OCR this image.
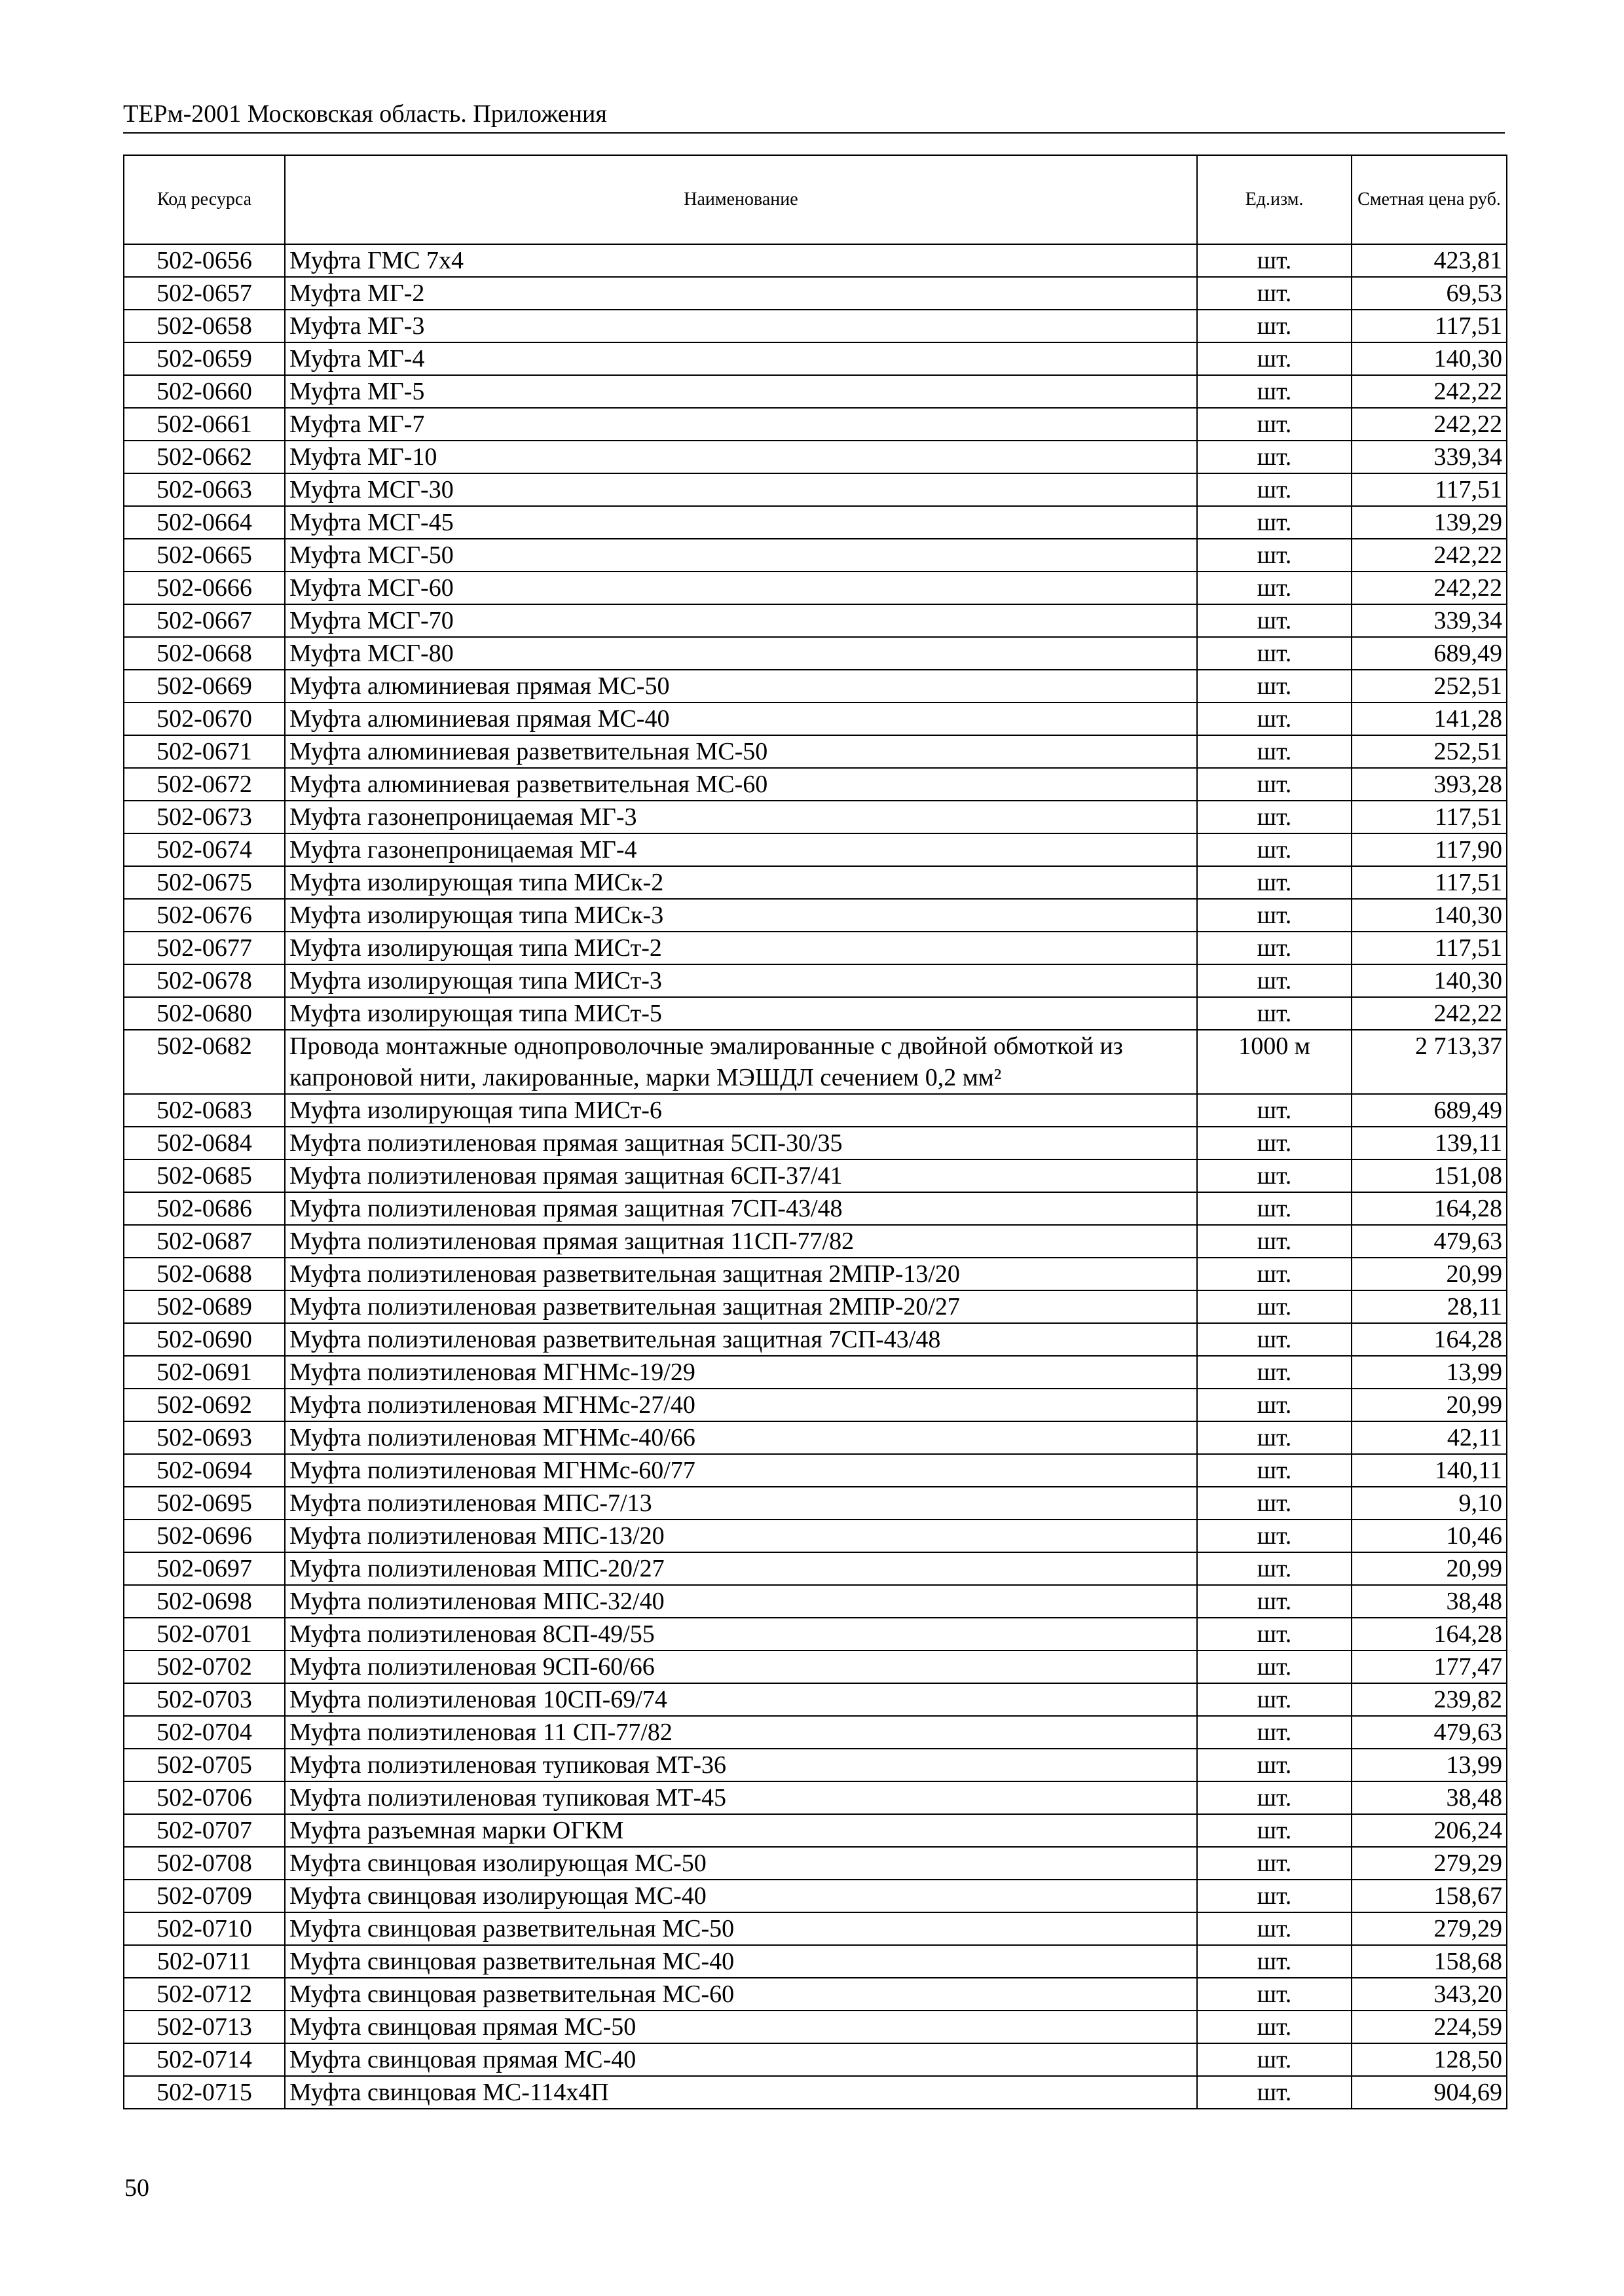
ТЕРм-2001 Московская область. Приложения
Код ресурса	Наименование	Ед.изм.	Сметная цена руб.
502-0656	Муфта ГМС 7х4	шт.	423,81
502-0657	Муфта МГ-2	шт.	69,53
502-0658	Муфта МГ-3	шт.	117,51
502-0659	Муфта МГ-4	шт.	140,30
502-0660	Муфта МГ-5	шт.	242,22
502-0661	Муфта МГ-7	шт.	242,22
502-0662	Муфта МГ-10	шт.	339,34
502-0663	Муфта МСГ-30	шт.	117,51
502-0664	Муфта МСГ-45	шт.	139,29
502-0665	Муфта МСГ-50	шт.	242,22
502-0666	Муфта МСГ-60	шт.	242,22
502-0667	Муфта МСГ-70	шт.	339,34
502-0668	Муфта МСГ-80	шт.	689,49
502-0669	Муфта алюминиевая прямая МС-50	шт.	252,51
502-0670	Муфта алюминиевая прямая МС-40	шт.	141,28
502-0671	Муфта алюминиевая разветвительная МС-50	шт.	252,51
502-0672	Муфта алюминиевая разветвительная МС-60	шт.	393,28
502-0673	Муфта газонепроницаемая МГ-3	шт.	117,51
502-0674	Муфта газонепроницаемая МГ-4	шт.	117,90
502-0675	Муфта изолирующая типа МИСк-2	шт.	117,51
502-0676	Муфта изолирующая типа МИСк-3	шт.	140,30
502-0677	Муфта изолирующая типа МИСт-2	шт.	117,51
502-0678	Муфта изолирующая типа МИСт-3	шт.	140,30
502-0680	Муфта изолирующая типа МИСт-5	шт.	242,22
502-0682	Провода монтажные однопроволочные эмалированные с двойной обмоткой из капроновой нити, лакированные, марки МЭШДЛ сечением 0,2 мм²	1000 м	2 713,37
502-0683	Муфта изолирующая типа МИСт-6	шт.	689,49
502-0684	Муфта полиэтиленовая прямая защитная 5СП-30/35	шт.	139,11
502-0685	Муфта полиэтиленовая прямая защитная 6СП-37/41	шт.	151,08
502-0686	Муфта полиэтиленовая прямая защитная 7СП-43/48	шт.	164,28
502-0687	Муфта полиэтиленовая прямая защитная 11СП-77/82	шт.	479,63
502-0688	Муфта полиэтиленовая разветвительная защитная 2МПР-13/20	шт.	20,99
502-0689	Муфта полиэтиленовая разветвительная защитная 2МПР-20/27	шт.	28,11
502-0690	Муфта полиэтиленовая разветвительная защитная 7СП-43/48	шт.	164,28
502-0691	Муфта полиэтиленовая МГНМс-19/29	шт.	13,99
502-0692	Муфта полиэтиленовая МГНМс-27/40	шт.	20,99
502-0693	Муфта полиэтиленовая МГНМс-40/66	шт.	42,11
502-0694	Муфта полиэтиленовая МГНМс-60/77	шт.	140,11
502-0695	Муфта полиэтиленовая МПС-7/13	шт.	9,10
502-0696	Муфта полиэтиленовая МПС-13/20	шт.	10,46
502-0697	Муфта полиэтиленовая МПС-20/27	шт.	20,99
502-0698	Муфта полиэтиленовая МПС-32/40	шт.	38,48
502-0701	Муфта полиэтиленовая 8СП-49/55	шт.	164,28
502-0702	Муфта полиэтиленовая 9СП-60/66	шт.	177,47
502-0703	Муфта полиэтиленовая 10СП-69/74	шт.	239,82
502-0704	Муфта полиэтиленовая 11 СП-77/82	шт.	479,63
502-0705	Муфта полиэтиленовая тупиковая МТ-36	шт.	13,99
502-0706	Муфта полиэтиленовая тупиковая МТ-45	шт.	38,48
502-0707	Муфта разъемная марки ОГКМ	шт.	206,24
502-0708	Муфта свинцовая изолирующая МС-50	шт.	279,29
502-0709	Муфта свинцовая изолирующая МС-40	шт.	158,67
502-0710	Муфта свинцовая разветвительная МС-50	шт.	279,29
502-0711	Муфта свинцовая разветвительная МС-40	шт.	158,68
502-0712	Муфта свинцовая разветвительная МС-60	шт.	343,20
502-0713	Муфта свинцовая прямая МС-50	шт.	224,59
502-0714	Муфта свинцовая прямая МС-40	шт.	128,50
502-0715	Муфта свинцовая МС-114х4П	шт.	904,69
50
